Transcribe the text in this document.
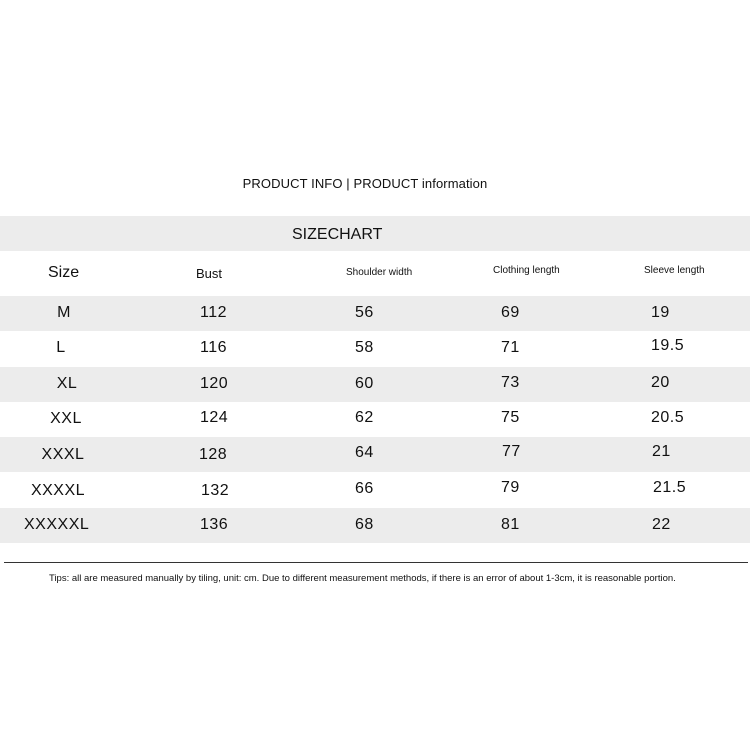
PRODUCT INFO | PRODUCT information
SIZECHART
Size	Bust	Shoulder width	Clothing length	Sleeve length
M	112	56	69	19
L	116	58	71	19.5
XL	120	60	73	20
XXL	124	62	75	20.5
XXXL	128	64	77	21
XXXXL	132	66	79	21.5
XXXXXL	136	68	81	22
Tips: all are measured manually by tiling, unit: cm. Due to different measurement methods, if there is an error of about 1-3cm, it is reasonable portion.
